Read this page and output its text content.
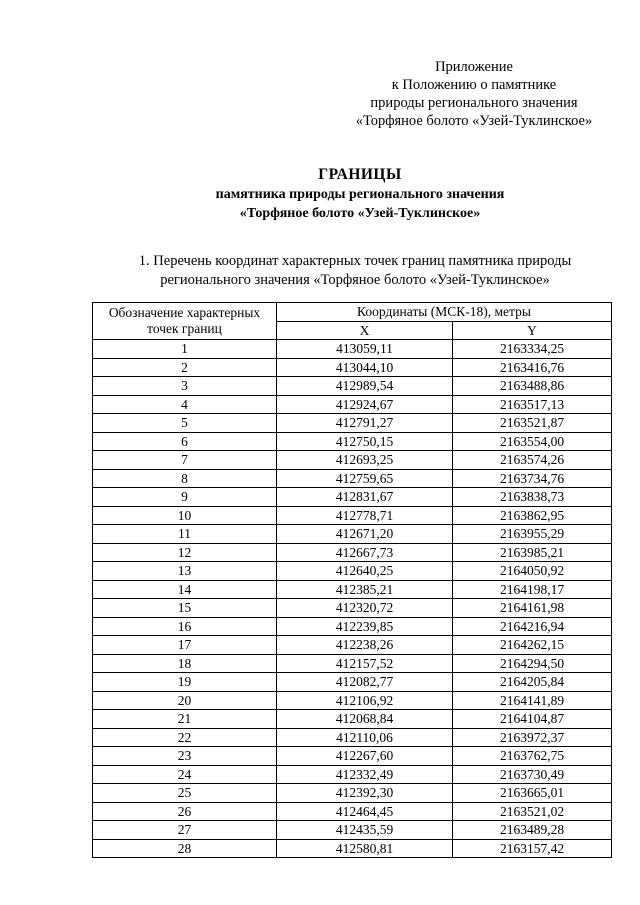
Приложение
к Положению о памятнике
природы регионального значения
«Торфяное болото «Узей-Туклинское»
ГРАНИЦЫ
памятника природы регионального значения
«Торфяное болото «Узей-Туклинское»
1. Перечень координат характерных точек границ памятника природы
регионального значения «Торфяное болото «Узей-Туклинское»
Обозначение характерных
точек границ	Координаты (МСК-18), метры	
	X	Y
1	413059,11	2163334,25
2	413044,10	2163416,76
3	412989,54	2163488,86
4	412924,67	2163517,13
5	412791,27	2163521,87
6	412750,15	2163554,00
7	412693,25	2163574,26
8	412759,65	2163734,76
9	412831,67	2163838,73
10	412778,71	2163862,95
11	412671,20	2163955,29
12	412667,73	2163985,21
13	412640,25	2164050,92
14	412385,21	2164198,17
15	412320,72	2164161,98
16	412239,85	2164216,94
17	412238,26	2164262,15
18	412157,52	2164294,50
19	412082,77	2164205,84
20	412106,92	2164141,89
21	412068,84	2164104,87
22	412110,06	2163972,37
23	412267,60	2163762,75
24	412332,49	2163730,49
25	412392,30	2163665,01
26	412464,45	2163521,02
27	412435,59	2163489,28
28	412580,81	2163157,42
